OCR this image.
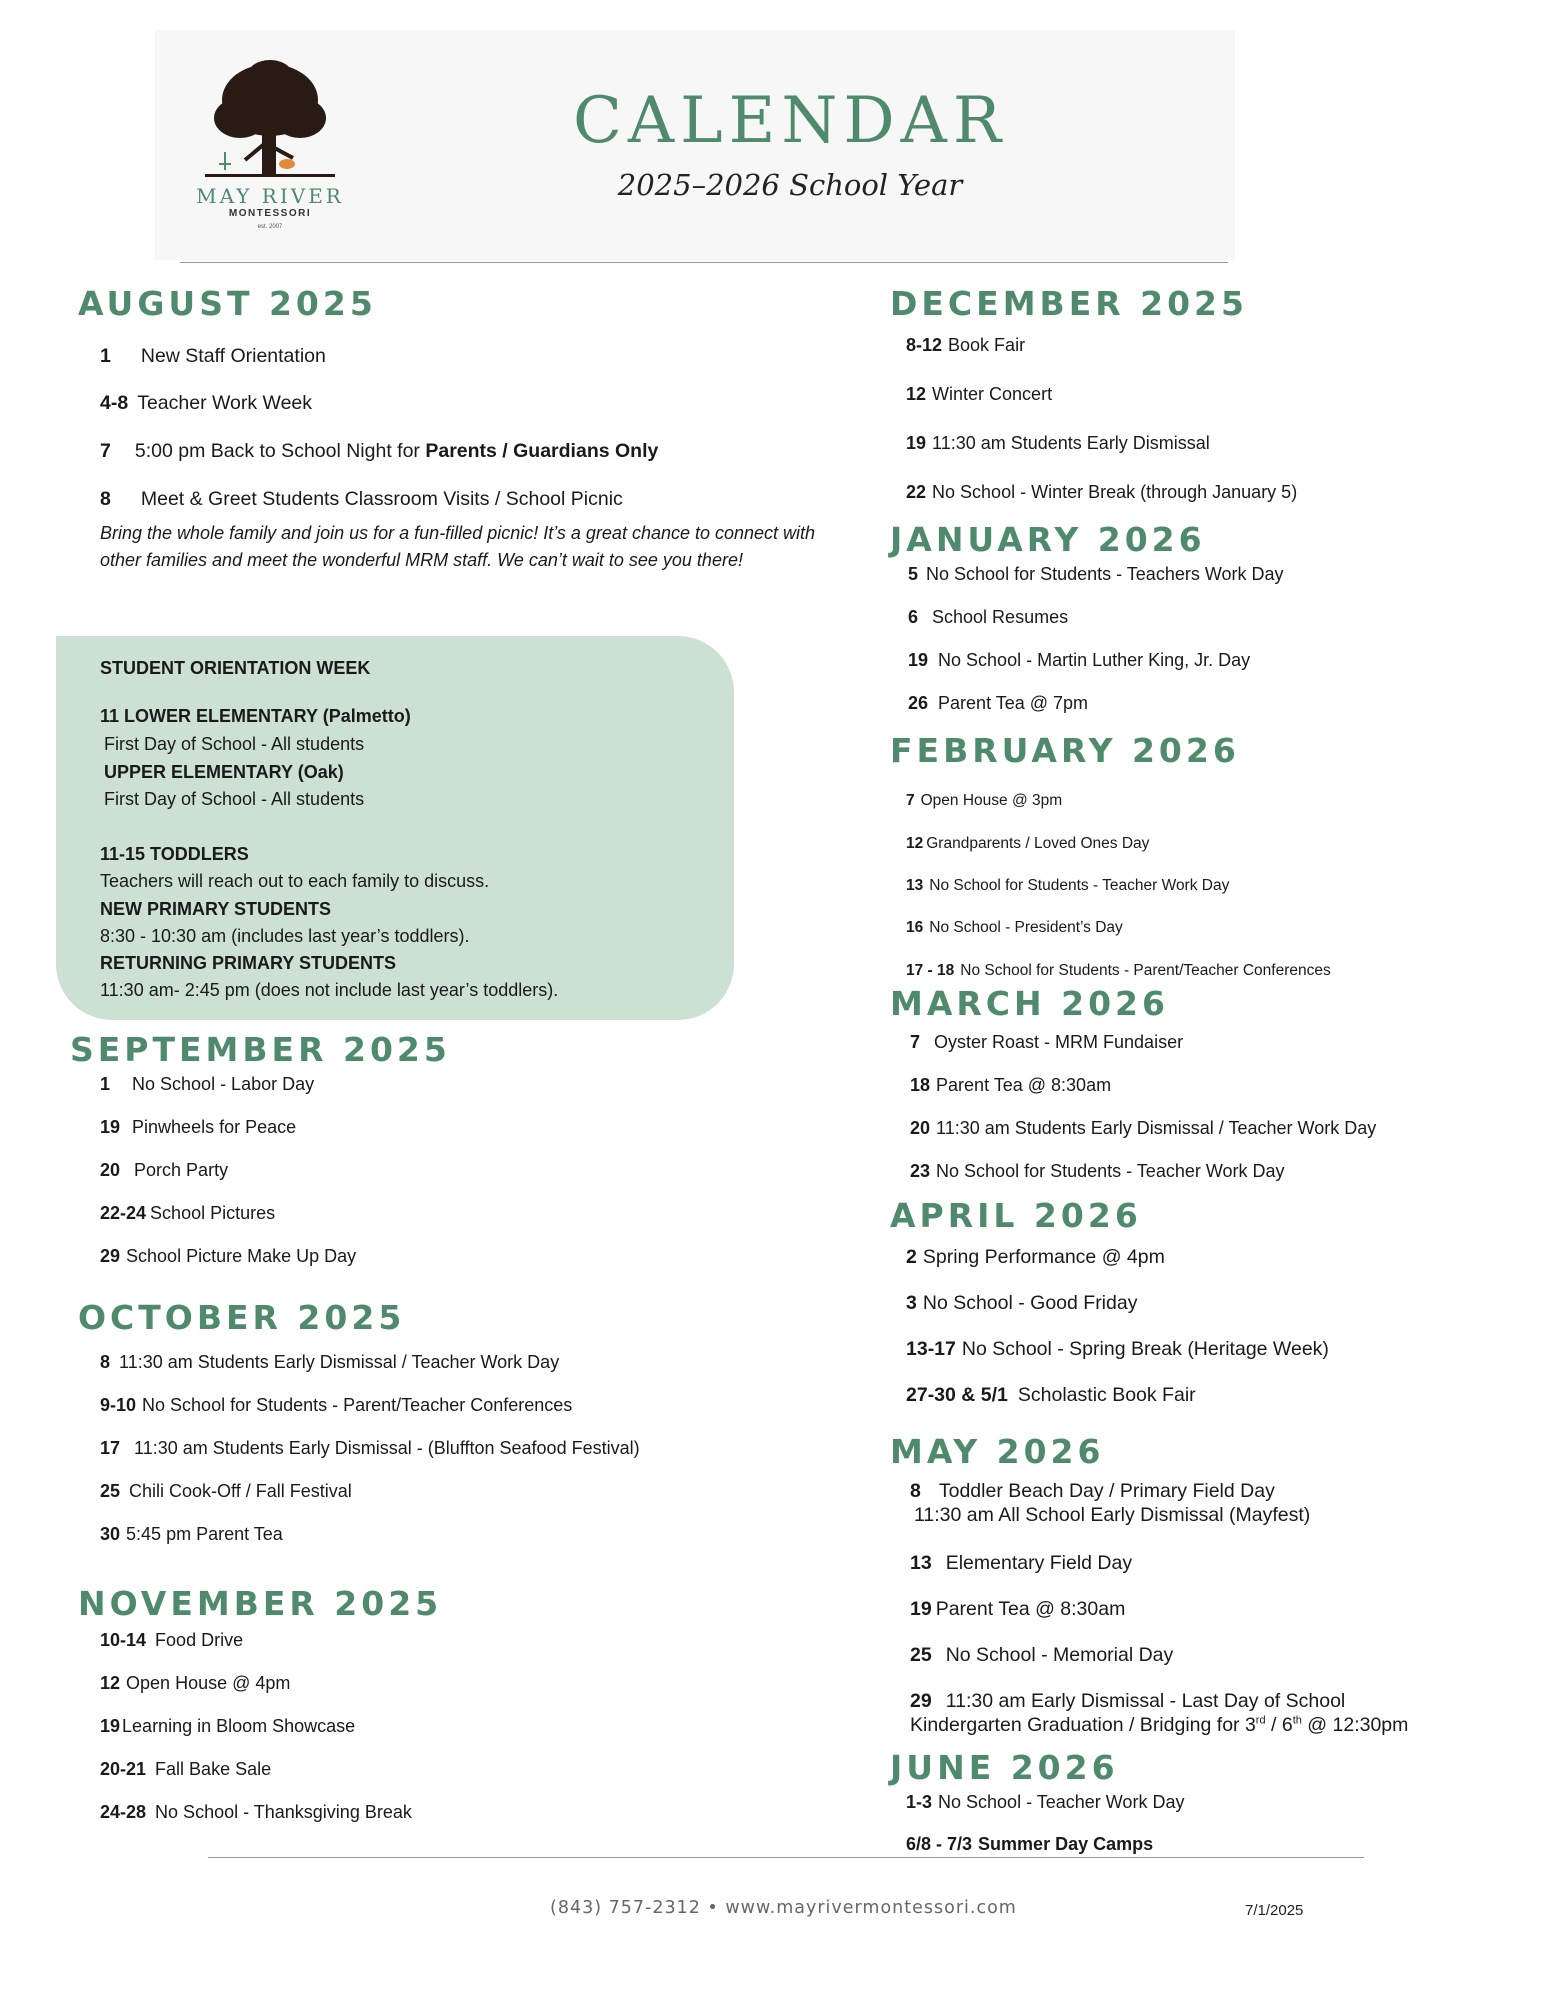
MAY RIVER
MONTESSORI
est. 2007
CALENDAR
2025–2026 School Year
AUGUST 2025
1 New Staff Orientation
4-8 Teacher Work Week
7 5:00 pm Back to School Night for Parents / Guardians Only
8 Meet & Greet Students Classroom Visits / School Picnic
Bring the whole family and join us for a fun-filled picnic! It’s a great chance to connect with other families and meet the wonderful MRM staff. We can’t wait to see you there!
STUDENT ORIENTATION WEEK
11 LOWER ELEMENTARY (Palmetto)
First Day of School - All students
UPPER ELEMENTARY (Oak)
First Day of School - All students
11-15 TODDLERS
Teachers will reach out to each family to discuss.
NEW PRIMARY STUDENTS
8:30 - 10:30 am (includes last year’s toddlers).
RETURNING PRIMARY STUDENTS
11:30 am- 2:45 pm (does not include last year’s toddlers).
SEPTEMBER 2025
1 No School - Labor Day
19 Pinwheels for Peace
20 Porch Party
22-24 School Pictures
29 School Picture Make Up Day
OCTOBER 2025
8 11:30 am Students Early Dismissal / Teacher Work Day
9-10 No School for Students - Parent/Teacher Conferences
17 11:30 am Students Early Dismissal - (Bluffton Seafood Festival)
25 Chili Cook-Off / Fall Festival
30 5:45 pm Parent Tea
NOVEMBER 2025
10-14 Food Drive
12 Open House @ 4pm
19 Learning in Bloom Showcase
20-21 Fall Bake Sale
24-28 No School - Thanksgiving Break
DECEMBER 2025
8-12 Book Fair
12 Winter Concert
19 11:30 am Students Early Dismissal
22 No School - Winter Break (through January 5)
JANUARY 2026
5 No School for Students - Teachers Work Day
6 School Resumes
19 No School - Martin Luther King, Jr. Day
26 Parent Tea @ 7pm
FEBRUARY 2026
7 Open House @ 3pm
12 Grandparents / Loved Ones Day
13 No School for Students - Teacher Work Day
16 No School - President’s Day
17 - 18 No School for Students - Parent/Teacher Conferences
MARCH 2026
7 Oyster Roast - MRM Fundaiser
18 Parent Tea @ 8:30am
20 11:30 am Students Early Dismissal / Teacher Work Day
23 No School for Students - Teacher Work Day
APRIL 2026
2 Spring Performance @ 4pm
3 No School - Good Friday
13-17 No School - Spring Break (Heritage Week)
27-30 & 5/1 Scholastic Book Fair
MAY 2026
8 Toddler Beach Day / Primary Field Day
11:30 am All School Early Dismissal (Mayfest)
13 Elementary Field Day
19 Parent Tea @ 8:30am
25 No School - Memorial Day
29 11:30 am Early Dismissal - Last Day of School
Kindergarten Graduation / Bridging for 3rd / 6th @ 12:30pm
JUNE 2026
1-3 No School - Teacher Work Day
6/8 - 7/3 Summer Day Camps
(843) 757-2312 • www.mayrivermontessori.com	7/1/2025
